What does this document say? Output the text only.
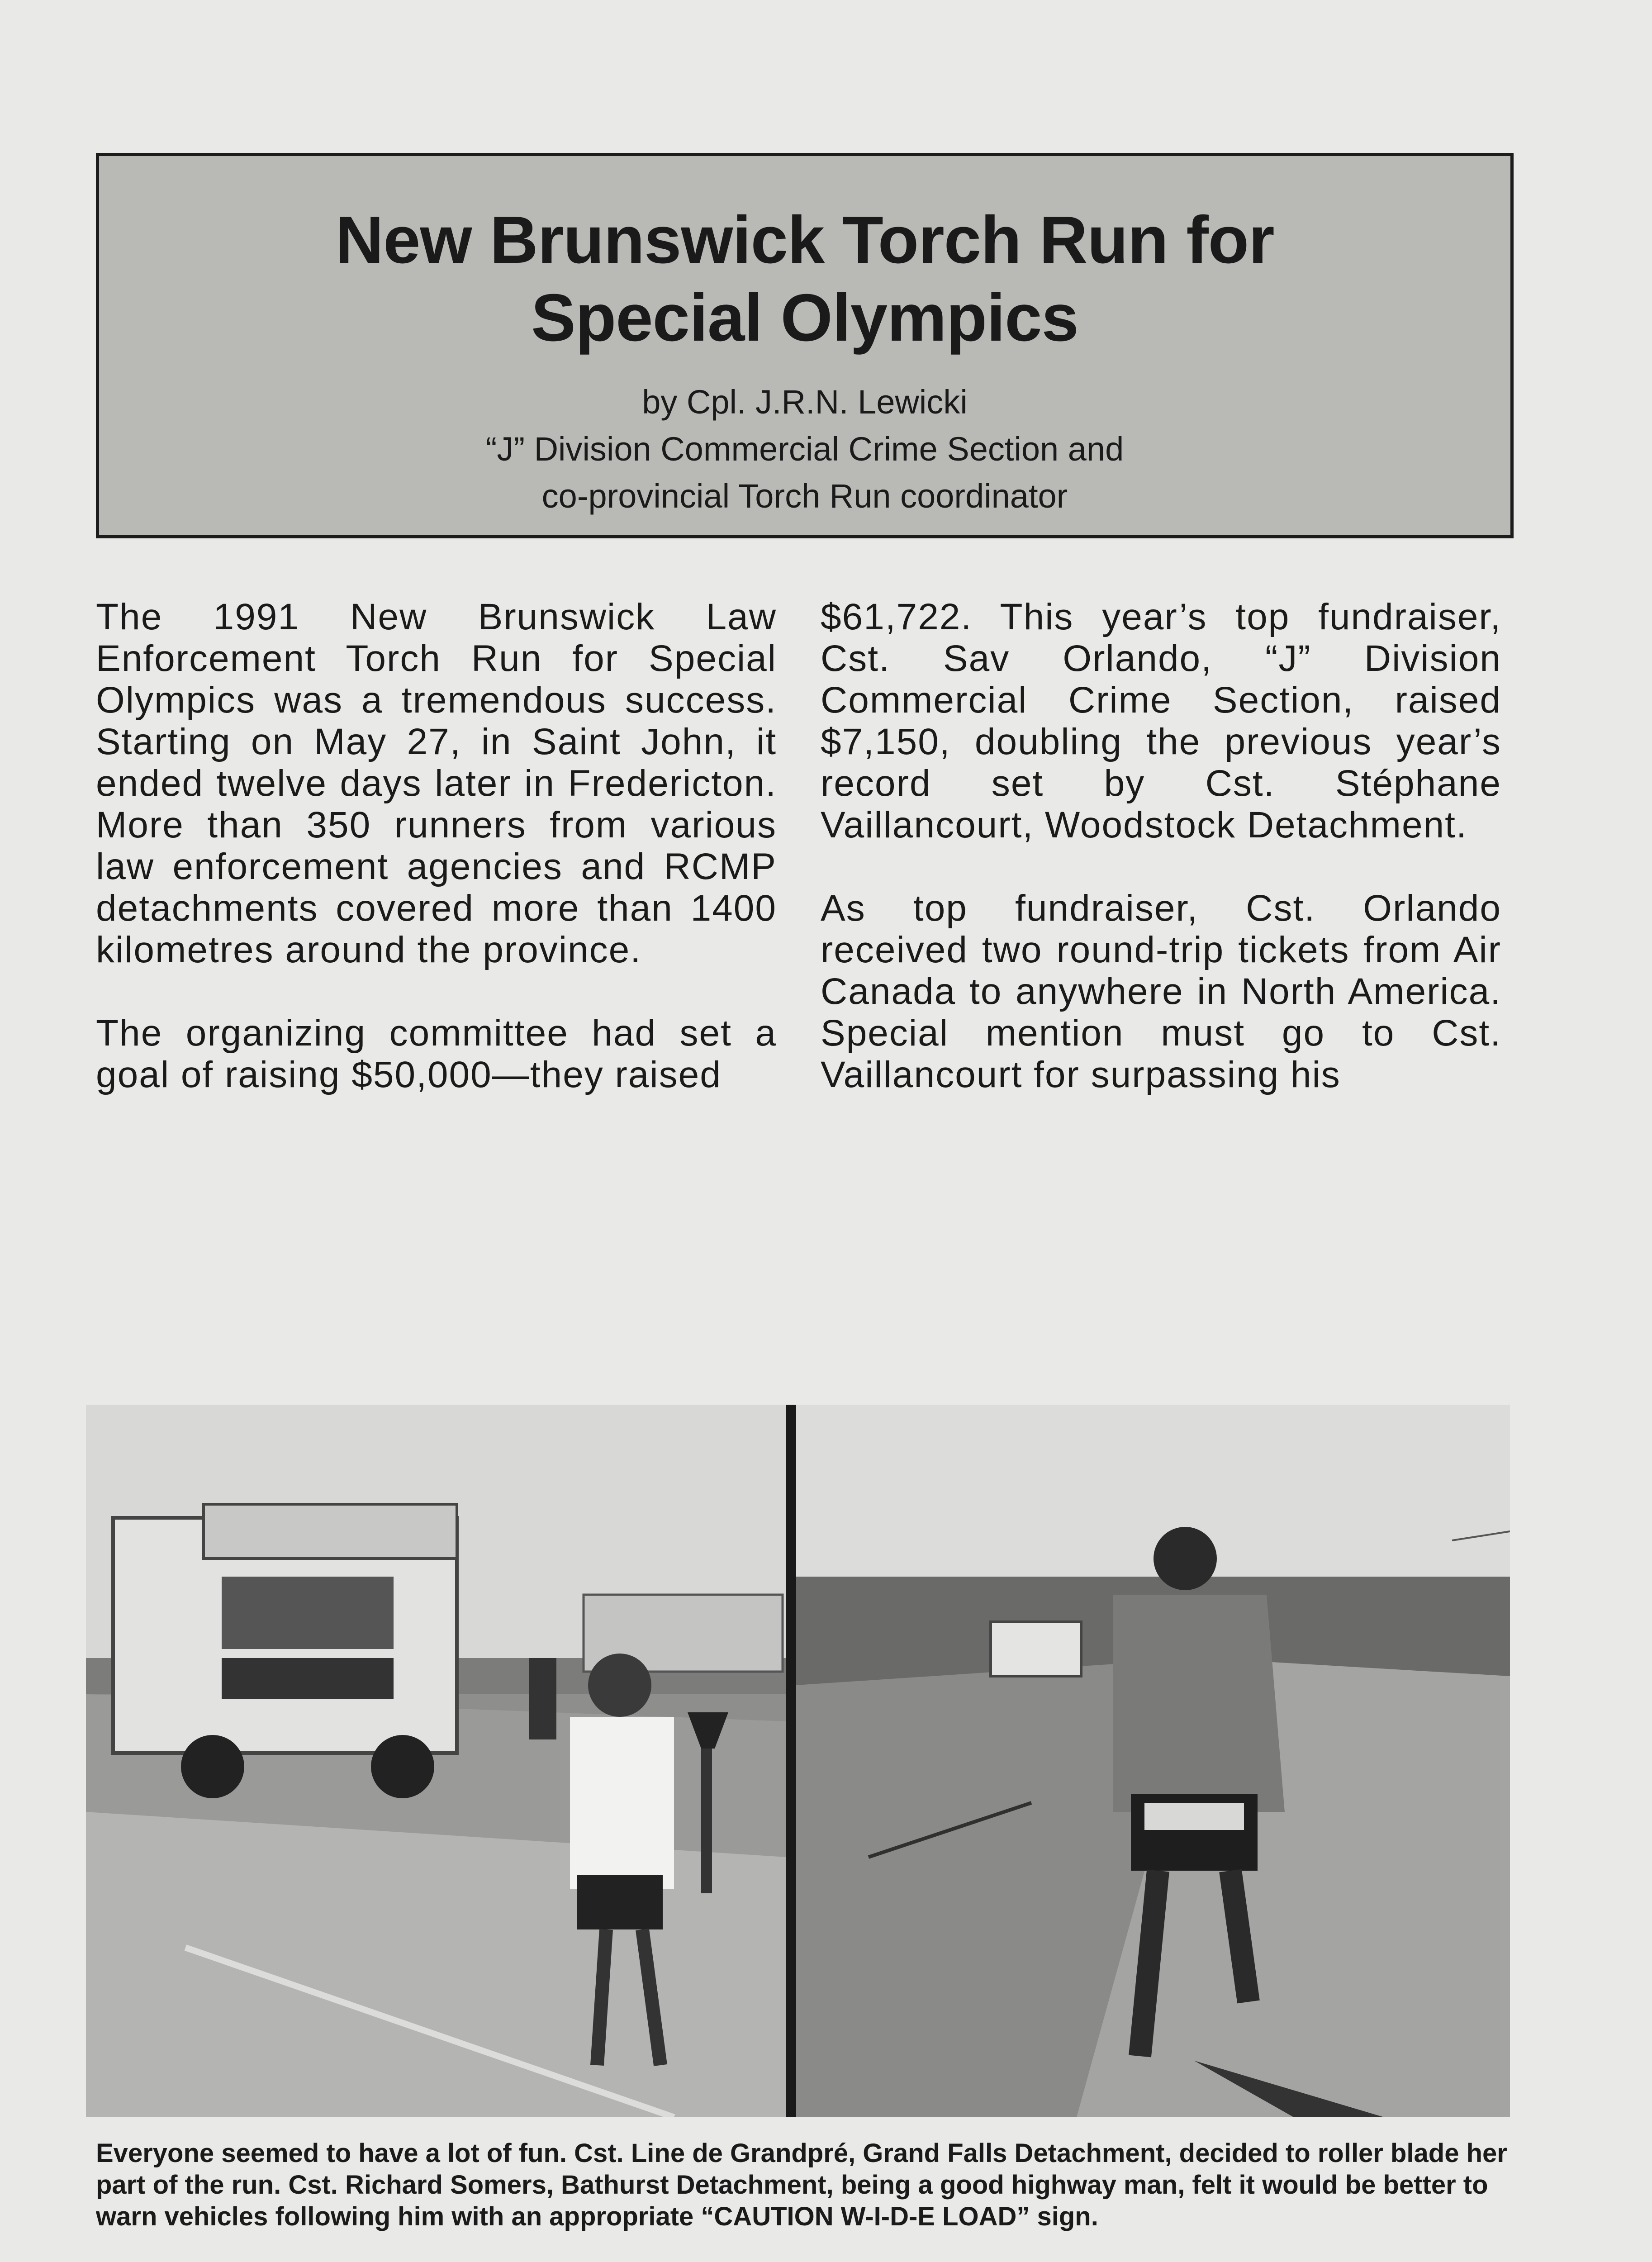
New Brunswick Torch Run for
Special Olympics
by Cpl. J.R.N. Lewicki
“J” Division Commercial Crime Section and
co-provincial Torch Run coordinator

The 1991 New Brunswick Law Enforcement Torch Run for Special Olympics was a tremendous success. Starting on May 27, in Saint John, it ended twelve days later in Fredericton. More than 350 runners from various law enforcement agencies and RCMP detachments covered more than 1400 kilometres around the province.

The organizing committee had set a goal of raising $50,000—they raised

$61,722. This year’s top fundraiser, Cst. Sav Orlando, “J” Division Commercial Crime Section, raised $7,150, doubling the previous year’s record set by Cst. Stéphane Vaillancourt, Woodstock Detachment.

As top fundraiser, Cst. Orlando received two round-trip tickets from Air Canada to anywhere in North America. Special mention must go to Cst. Vaillancourt for surpassing his

Everyone seemed to have a lot of fun. Cst. Line de Grandpré, Grand Falls Detachment, decided to roller blade her part of the run. Cst. Richard Somers, Bathurst Detachment, being a good highway man, felt it would be better to warn vehicles following him with an appropriate “CAUTION W-I-D-E LOAD” sign.
